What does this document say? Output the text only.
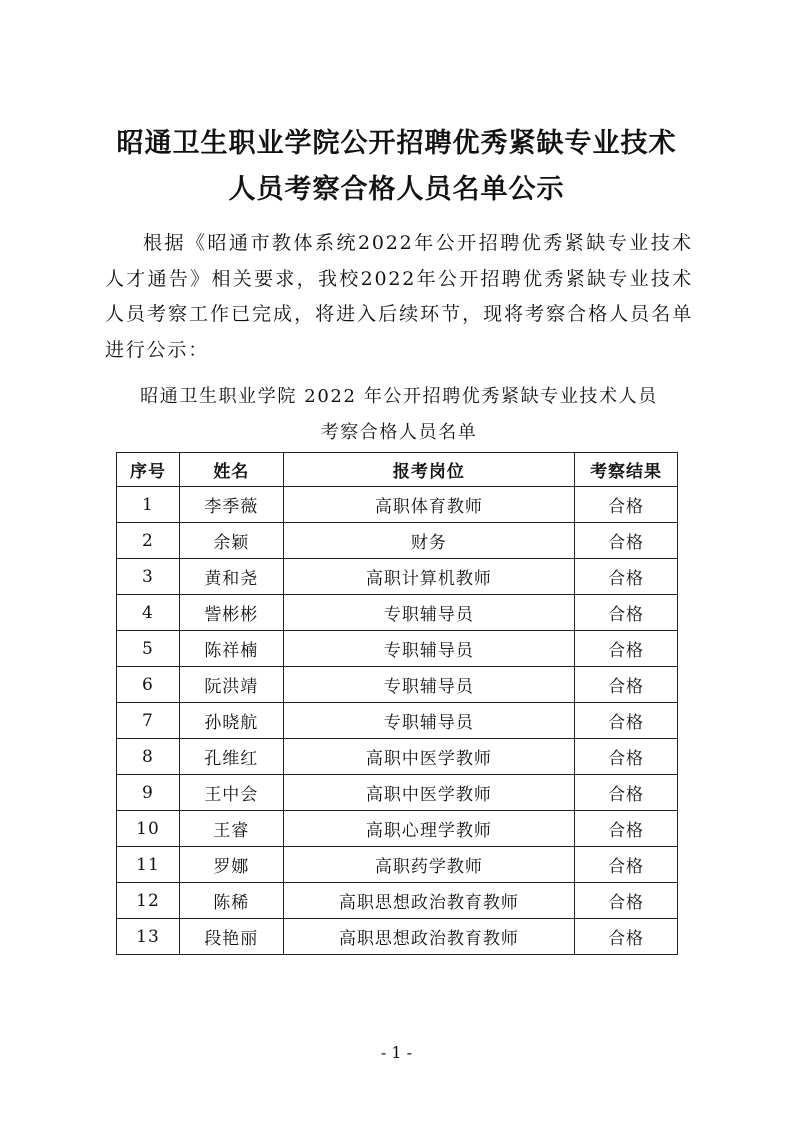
昭通卫生职业学院公开招聘优秀紧缺专业技术
人员考察合格人员名单公示

根据《昭通市教体系统2022年公开招聘优秀紧缺专业技术人才通告》相关要求，我校2022年公开招聘优秀紧缺专业技术人员考察工作已完成，将进入后续环节，现将考察合格人员名单进行公示：

昭通卫生职业学院 2022 年公开招聘优秀紧缺专业技术人员

考察合格人员名单

序号	姓名	报考岗位	考察结果
1	李季薇	高职体育教师	合格
2	余颖	财务	合格
3	黄和尧	高职计算机教师	合格
4	訾彬彬	专职辅导员	合格
5	陈祥楠	专职辅导员	合格
6	阮洪靖	专职辅导员	合格
7	孙晓航	专职辅导员	合格
8	孔维红	高职中医学教师	合格
9	王中会	高职中医学教师	合格
10	王睿	高职心理学教师	合格
11	罗娜	高职药学教师	合格
12	陈稀	高职思想政治教育教师	合格
13	段艳丽	高职思想政治教育教师	合格
- 1 -
